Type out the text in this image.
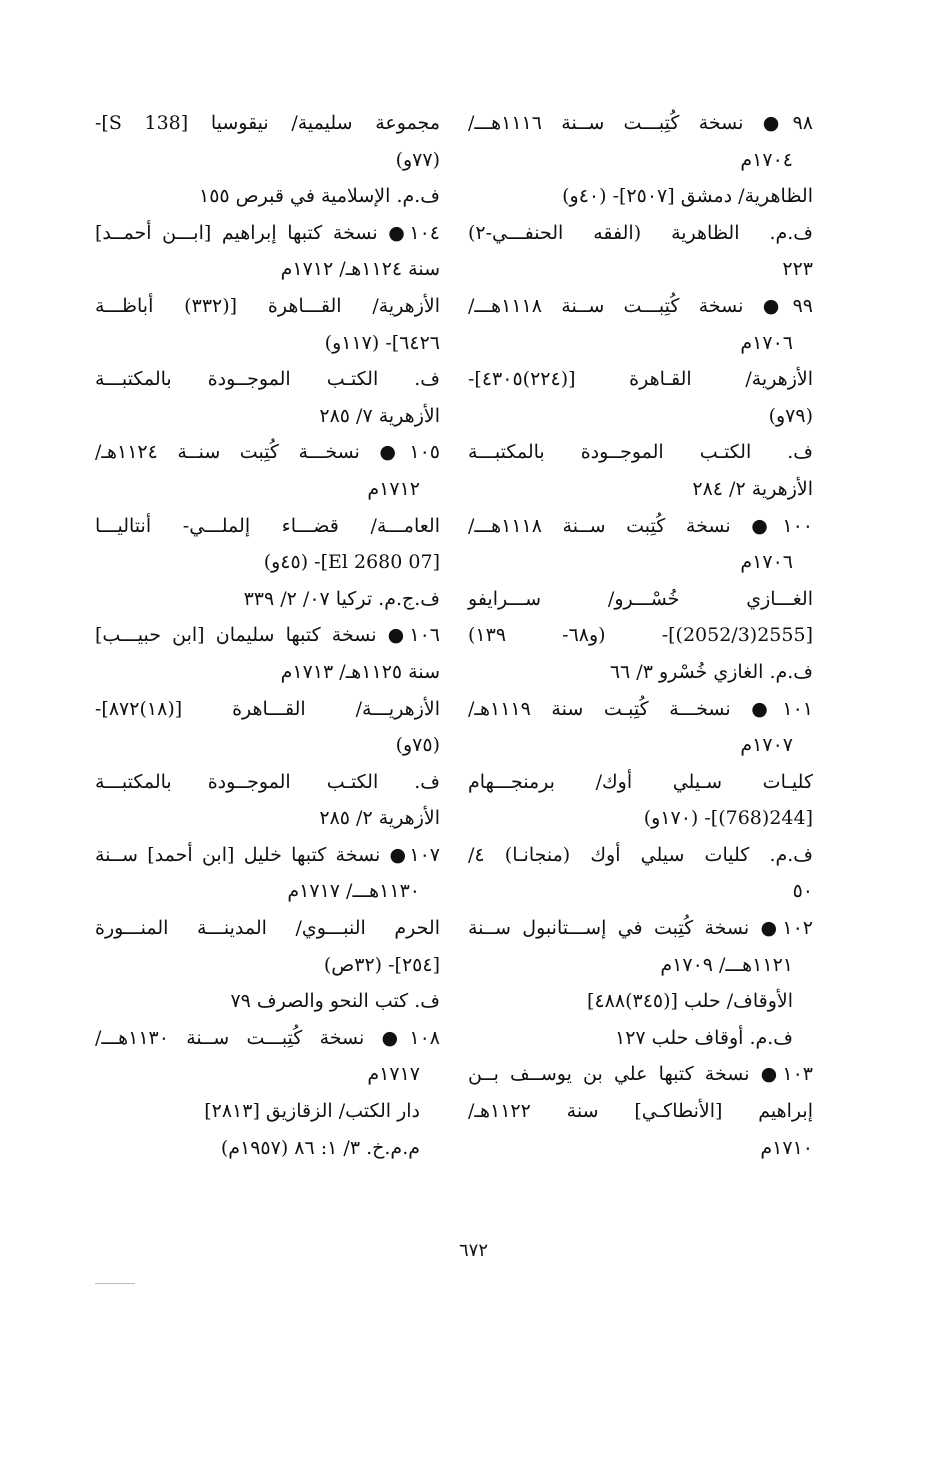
٩٨● نسخة كُتِبـــت ســنة ١١١٦هـــ/
١٧٠٤م
الظاهرية/ دمشق [٢٥٠٧]- (٤٠و)
ف.م. الظاهرية (الفقه الحنفـــي-٢)
٢٢٣
٩٩● نسخة كُتِبـــت ســنة ١١١٨هـــ/
١٧٠٦م
الأزهرية/ القـاهرة [(٢٢٤)٤٣٠٥]-
(٧٩و)
ف. الكتـب الموجــودة بالمكتبـــة
الأزهرية ٢/ ٢٨٤
١٠٠● نسخة كُتِبت ســنة ١١١٨هـــ/
١٧٠٦م
الغـــازي خُسْـــرو/ ســـرايفو
[2555(2052/3)]- (و٦٨- ١٣٩)
ف.م. الغازي خُسْرو ٣/ ٦٦
١٠١● نسخـــة كُتِبـت سنة ١١١٩هـ/
١٧٠٧م
كليـات سـيلي أوك/ برمنجـــهام
[244(768)]- (١٧٠و)
ف.م. كليات سيلي أوك (منجانـا) ٤/
٥٠
١٠٢● نسخة كُتِبت في إســـتانبول ســنة
١١٢١هـــ/ ١٧٠٩م
الأوقاف/ حلب [(٣٤٥)٤٨٨]
ف.م. أوقاف حلب ١٢٧
١٠٣● نسخة كتبها علي بن يوســف بــن
إبراهيم [الأنطاكـي] سنة ١١٢٢هـ/
١٧١٠م
مجموعة سليمية/ نيقوسيا [S 138]-
(٧٧و)
ف.م. الإسلامية في قبرص ١٥٥
١٠٤● نسخة كتبها إبراهيم [ابـــن أحمــد]
سنة ١١٢٤هـ/ ١٧١٢م
الأزهرية/ القـــاهرة [(٣٣٢) أباظـــة
٦٤٢٦]- (١١٧و)
ف. الكتـب الموجــودة بالمكتبـــة
الأزهرية ٧/ ٢٨٥
١٠٥● نسخـــة كُتِبت سنــة ١١٢٤هـ/
١٧١٢م
العامـــة/ قضـــاء إلملـــي- أنتاليـــا
[07 El 2680]- (٤٥و)
ف.ج.م. تركيا ٠٧/ ٢/ ٣٣٩
١٠٦● نسخة كتبها سليمان [ابن حبيـــب]
سنة ١١٢٥هـ/ ١٧١٣م
الأزهريـــة/ القـــاهرة [(١٨)٨٧٢]-
(٧٥و)
ف. الكتـب الموجــودة بالمكتبـــة
الأزهرية ٢/ ٢٨٥
١٠٧● نسخة كتبها خليل [ابن أحمد] ســنة
١١٣٠هـــ/ ١٧١٧م
الحرم النبـــوي/ المدينـــة المنـــورة
[٢٥٤]- (٣٢ص)
ف. كتب النحو والصرف ٧٩
١٠٨● نسخة كُتِبـــت ســنة ١١٣٠هـــ/
١٧١٧م
دار الكتب/ الزقازيق [٢٨١٣]
م.م.خ. ٣/ ١: ٨٦ (١٩٥٧م)
٦٧٢
